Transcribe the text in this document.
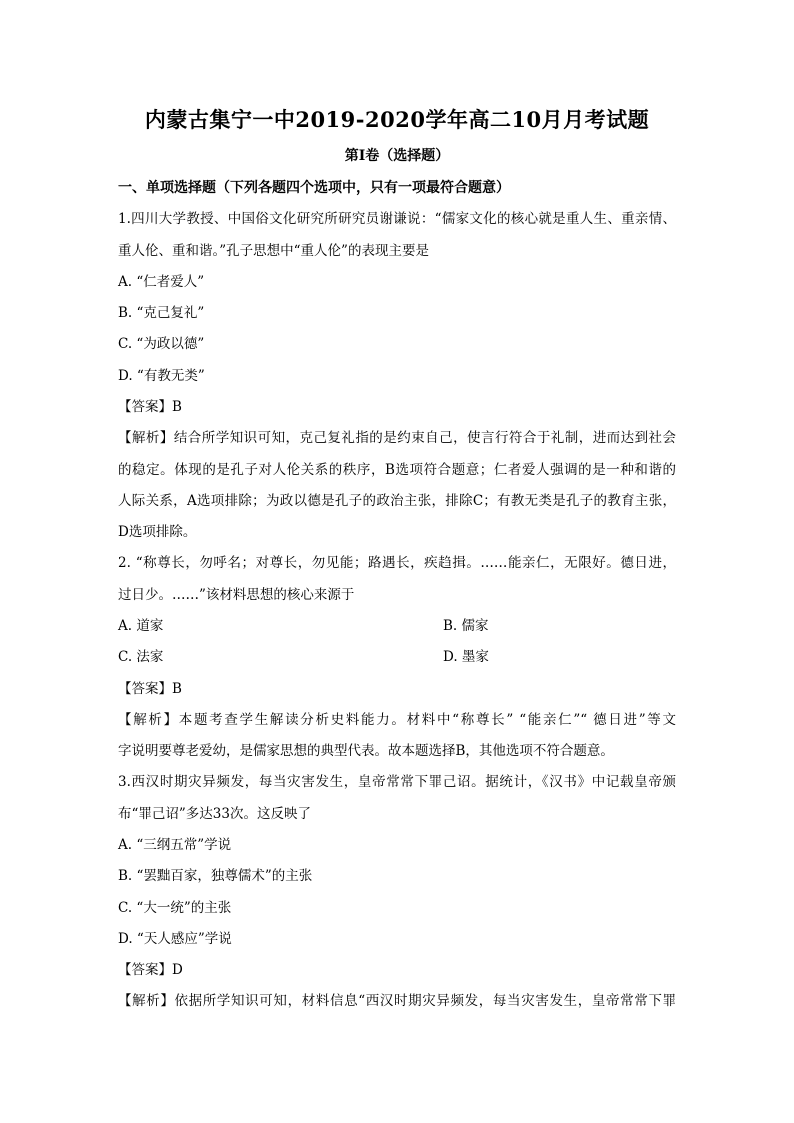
内蒙古集宁一中2019-2020学年高二10月月考试题
第Ⅰ卷（选择题）
一、单项选择题（下列各题四个选项中，只有一项最符合题意）
1.四川大学教授、中国俗文化研究所研究员谢谦说：“儒家文化的核心就是重人生、重亲情、
重人伦、重和谐。”孔子思想中“重人伦”的表现主要是
A. “仁者爱人”
B. “克己复礼”
C. “为政以德”
D. “有教无类”
【答案】B
【解析】结合所学知识可知，克己复礼指的是约束自己，使言行符合于礼制，进而达到社会
的稳定。体现的是孔子对人伦关系的秩序，B选项符合题意；仁者爱人强调的是一种和谐的
人际关系，A选项排除；为政以德是孔子的政治主张，排除C；有教无类是孔子的教育主张，
D选项排除。
2. “称尊长，勿呼名；对尊长，勿见能；路遇长，疾趋揖。……能亲仁，无限好。德日进，
过日少。……”该材料思想的核心来源于
A. 道家	B. 儒家
C. 法家	D. 墨家
【答案】B
【解析】本题考查学生解读分析史料能力。材料中“称尊长” “能亲仁”“ 德日进”等文
字说明要尊老爱幼，是儒家思想的典型代表。故本题选择B，其他选项不符合题意。
3.西汉时期灾异频发，每当灾害发生，皇帝常常下罪己诏。据统计，《汉书》中记载皇帝颁
布“罪己诏”多达33次。这反映了
A. “三纲五常”学说
B. “罢黜百家，独尊儒术”的主张
C. “大一统”的主张
D. “天人感应”学说
【答案】D
【解析】依据所学知识可知，材料信息“西汉时期灾异频发，每当灾害发生，皇帝常常下罪
